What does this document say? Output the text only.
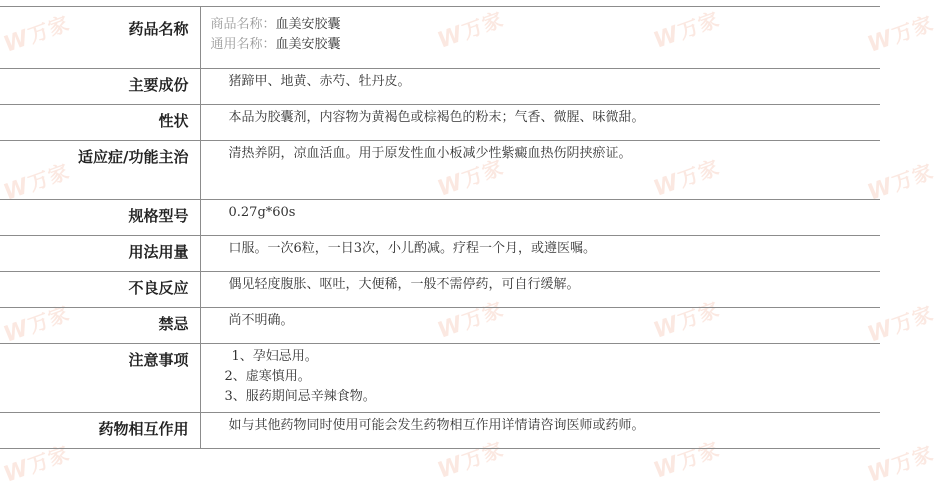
W万家	W万家	W万家	W万家
W万家	W万家	W万家	W万家
W万家	W万家	W万家	W万家
W万家	W万家	W万家	W万家
药品名称	商品名称：血美安胶囊
通用名称：血美安胶囊

主要成份	猪蹄甲、地黄、赤芍、牡丹皮。
性状	本品为胶囊剂，内容物为黄褐色或棕褐色的粉末；气香、微腥、味微甜。
适应症/功能主治	清热养阴，凉血活血。用于原发性血小板减少性紫癜血热伤阴挟瘀证。
规格型号	0.27g*60s
用法用量	口服。一次6粒，一日3次，小儿酌减。疗程一个月，或遵医嘱。
不良反应	偶见轻度腹胀、呕吐，大便稀，一般不需停药，可自行缓解。
禁忌	尚不明确。
注意事项	1、孕妇忌用。
2、虚寒慎用。
3、服药期间忌辛辣食物。

药物相互作用	如与其他药物同时使用可能会发生药物相互作用详情请咨询医师或药师。
